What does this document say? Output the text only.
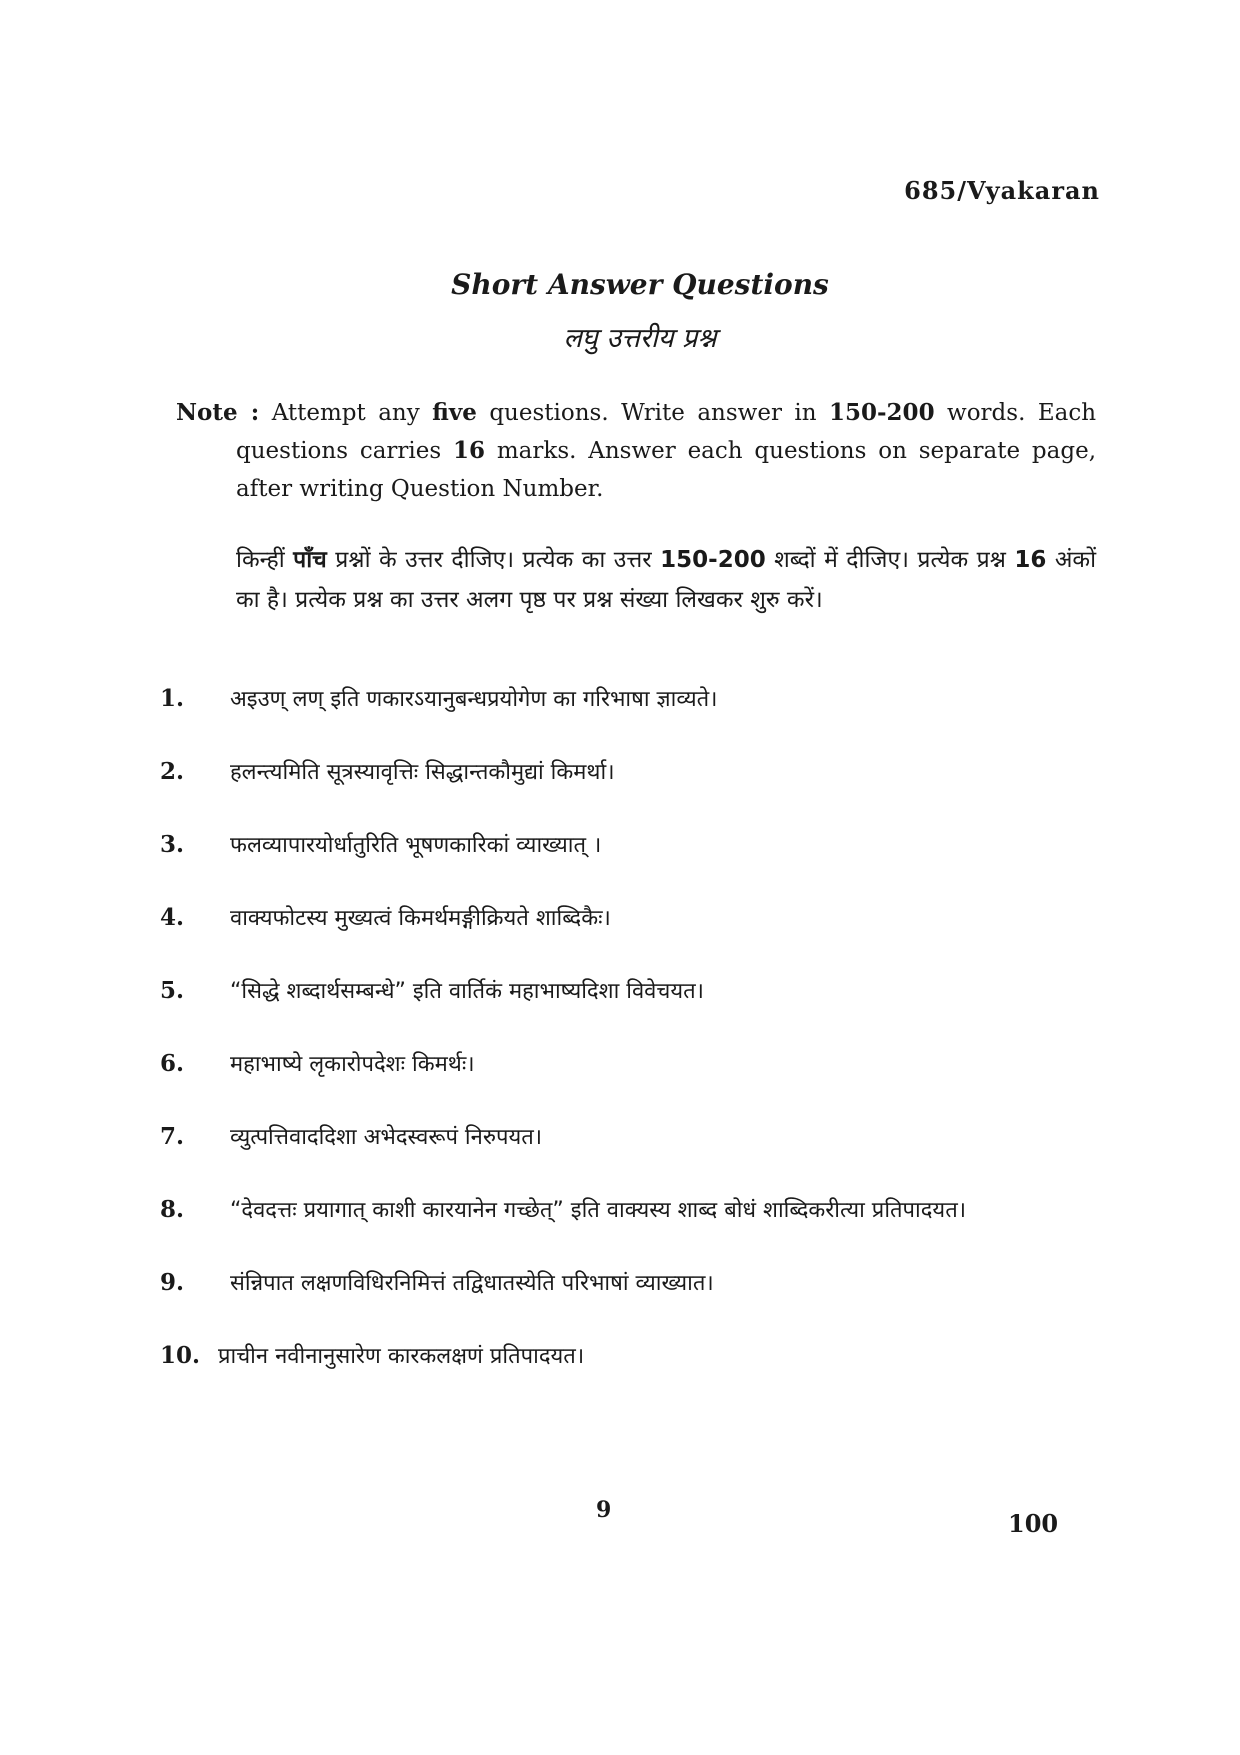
685/Vyakaran
Short Answer Questions
लघु उत्तरीय प्रश्न
Note : Attempt any five questions. Write answer in 150-200 words. Each questions carries 16 marks. Answer each questions on separate page, after writing Question Number.
किन्हीं पाँच प्रश्नों के उत्तर दीजिए। प्रत्येक का उत्तर 150-200 शब्दों में दीजिए। प्रत्येक प्रश्न 16 अंकों का है। प्रत्येक प्रश्न का उत्तर अलग पृष्ठ पर प्रश्न संख्या लिखकर शुरु करें।
1.	अइउण् लण् इति णकारऽयानुबन्धप्रयोगेण का गरिभाषा ज्ञाव्यते।
2.	हलन्त्यमिति सूत्रस्यावृत्तिः सिद्धान्तकौमुद्यां किमर्था।
3.	फलव्यापारयोर्धातुरिति भूषणकारिकां व्याख्यात् ।
4.	वाक्यफोटस्य मुख्यत्वं किमर्थमङ्गीक्रियते शाब्दिकैः।
5.	“सिद्धे शब्दार्थसम्बन्धे” इति वार्तिकं महाभाष्यदिशा विवेचयत।
6.	महाभाष्ये लृकारोपदेशः किमर्थः।
7.	व्युत्पत्तिवाददिशा अभेदस्वरूपं निरुपयत।
8.	“देवदत्तः प्रयागात् काशी कारयानेन गच्छेत्” इति वाक्यस्य शाब्द बोधं शाब्दिकरीत्या प्रतिपादयत।
9.	संन्निपात लक्षणविधिरनिमित्तं तद्विधातस्येति परिभाषां व्याख्यात।
10. प्राचीन नवीनानुसारेण कारकलक्षणं प्रतिपादयत।
9	100
